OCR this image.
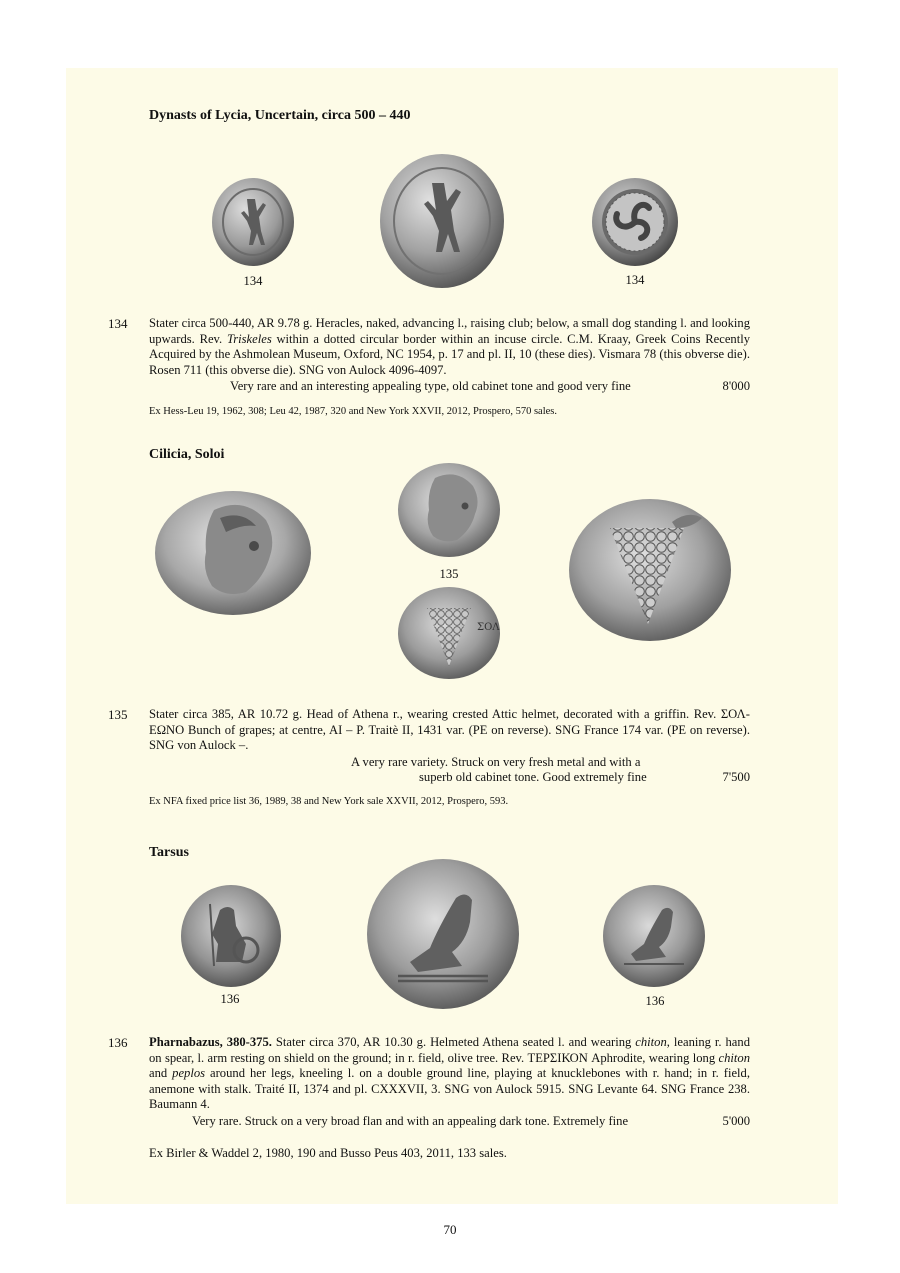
Dynasts of Lycia, Uncertain, circa 500 – 440
134	134
134 Stater circa 500-440, AR 9.78 g. Heracles, naked, advancing l., raising club; below, a small dog standing l. and looking upwards. Rev. Triskeles within a dotted circular border within an incuse circle. C.M. Kraay, Greek Coins Recently Acquired by the Ashmolean Museum, Oxford, NC 1954, p. 17 and pl. II, 10 (these dies). Vismara 78 (this obverse die). Rosen 711 (this obverse die). SNG von Aulock 4096-4097.
Very rare and an interesting appealing type, old cabinet tone and good very fine	8'000
Ex Hess-Leu 19, 1962, 308; Leu 42, 1987, 320 and New York XXVII, 2012, Prospero, 570 sales.
Cilicia, Soloi
135
ΣΟΛ
135 Stater circa 385, AR 10.72 g. Head of Athena r., wearing crested Attic helmet, decorated with a griffin. Rev. ΣΟΛ-ΕΩΝΟ Bunch of grapes; at centre, AI – P. Traitè II, 1431 var. (PE on reverse). SNG France 174 var. (PE on reverse). SNG von Aulock –.
A very rare variety. Struck on very fresh metal and with a
superb old cabinet tone. Good extremely fine	7'500
Ex NFA fixed price list 36, 1989, 38 and New York sale XXVII, 2012, Prospero, 593.
Tarsus
136	136
136 Pharnabazus, 380-375. Stater circa 370, AR 10.30 g. Helmeted Athena seated l. and wearing chiton, leaning r. hand on spear, l. arm resting on shield on the ground; in r. field, olive tree. Rev. ΤΕΡΣΙΚΟΝ Aphrodite, wearing long chiton and peplos around her legs, kneeling l. on a double ground line, playing at knucklebones with r. hand; in r. field, anemone with stalk. Traité II, 1374 and pl. CXXXVII, 3. SNG von Aulock 5915. SNG Levante 64. SNG France 238. Baumann 4.
Very rare. Struck on a very broad flan and with an appealing dark tone. Extremely fine	5'000
Ex Birler & Waddel 2, 1980, 190 and Busso Peus 403, 2011, 133 sales.
70
